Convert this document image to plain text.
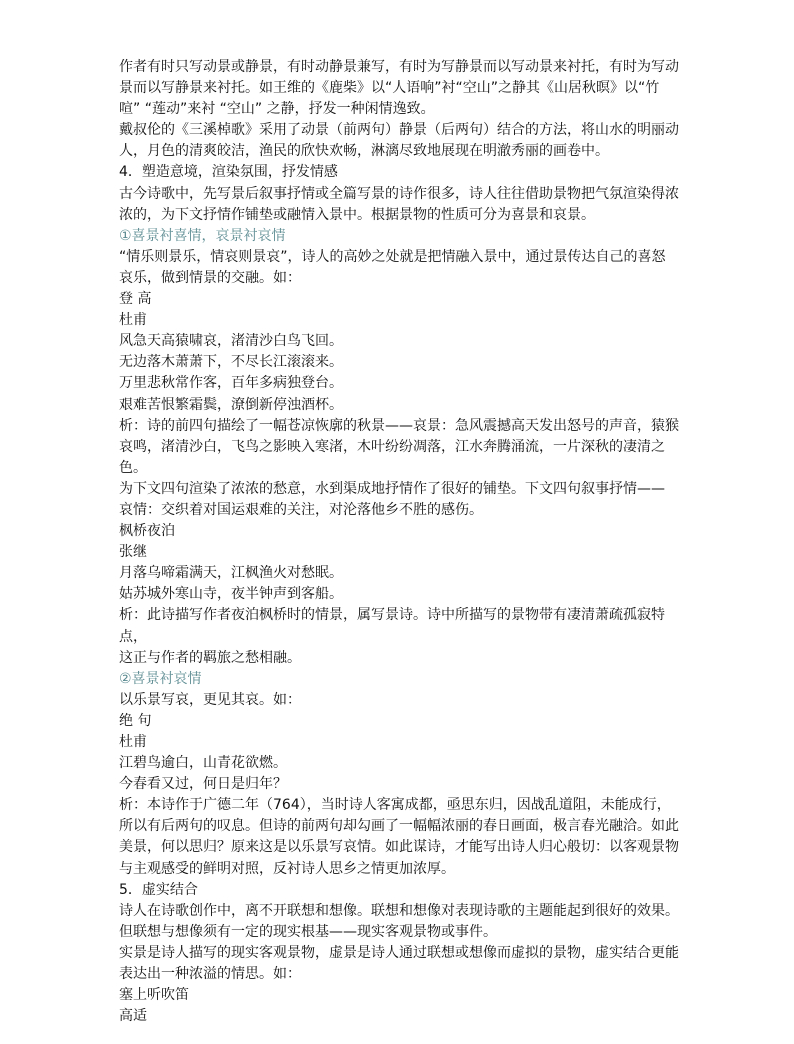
作者有时只写动景或静景，有时动静景兼写，有时为写静景而以写动景来衬托，有时为写动

景而以写静景来衬托。如王维的《鹿柴》以“人语响”衬“空山”之静其《山居秋暝》以“竹

喧” “莲动”来衬 “空山” 之静，抒发一种闲情逸致。

戴叔伦的《三溪棹歌》采用了动景（前两句）静景（后两句）结合的方法，将山水的明丽动

人，月色的清爽皎洁，渔民的欣快欢畅，淋漓尽致地展现在明澈秀丽的画卷中。

4．塑造意境，渲染氛围，抒发情感

古今诗歌中，先写景后叙事抒情或全篇写景的诗作很多，诗人往往借助景物把气氛渲染得浓

浓的，为下文抒情作铺垫或融情入景中。根据景物的性质可分为喜景和哀景。

①喜景衬喜情，哀景衬哀情

“情乐则景乐，情哀则景哀”，诗人的高妙之处就是把情融入景中，通过景传达自己的喜怒

哀乐，做到情景的交融。如：

登 高

杜甫

风急天高猿啸哀，渚清沙白鸟飞回。

无边落木萧萧下，不尽长江滚滚来。

万里悲秋常作客，百年多病独登台。

艰难苦恨繁霜鬓，潦倒新停浊酒杯。

析：诗的前四句描绘了一幅苍凉恢廓的秋景——哀景：急风震撼高天发出怒号的声音，猿猴

哀鸣，渚清沙白，飞鸟之影映入寒渚，木叶纷纷凋落，江水奔腾涌流，一片深秋的凄清之色。

为下文四句渲染了浓浓的愁意，水到渠成地抒情作了很好的铺垫。下文四句叙事抒情——

哀情：交织着对国运艰难的关注，对沦落他乡不胜的感伤。

枫桥夜泊

张继

月落乌啼霜满天，江枫渔火对愁眠。

姑苏城外寒山寺，夜半钟声到客船。

析：此诗描写作者夜泊枫桥时的情景，属写景诗。诗中所描写的景物带有凄清萧疏孤寂特点，

这正与作者的羁旅之愁相融。

②喜景衬哀情

以乐景写哀，更见其哀。如：

绝 句

杜甫

江碧鸟逾白，山青花欲燃。

今春看又过，何日是归年？

析：本诗作于广德二年（764），当时诗人客寓成都，亟思东归，因战乱道阻，未能成行，

所以有后两句的叹息。但诗的前两句却勾画了一幅幅浓丽的春日画面，极言春光融洽。如此

美景，何以思归？原来这是以乐景写哀情。如此谋诗，才能写出诗人归心般切：以客观景物

与主观感受的鲜明对照，反衬诗人思乡之情更加浓厚。

5．虚实结合

诗人在诗歌创作中，离不开联想和想像。联想和想像对表现诗歌的主题能起到很好的效果。

但联想与想像须有一定的现实根基——现实客观景物或事件。

实景是诗人描写的现实客观景物，虚景是诗人通过联想或想像而虚拟的景物，虚实结合更能

表达出一种浓溢的情思。如：

塞上听吹笛

高适
